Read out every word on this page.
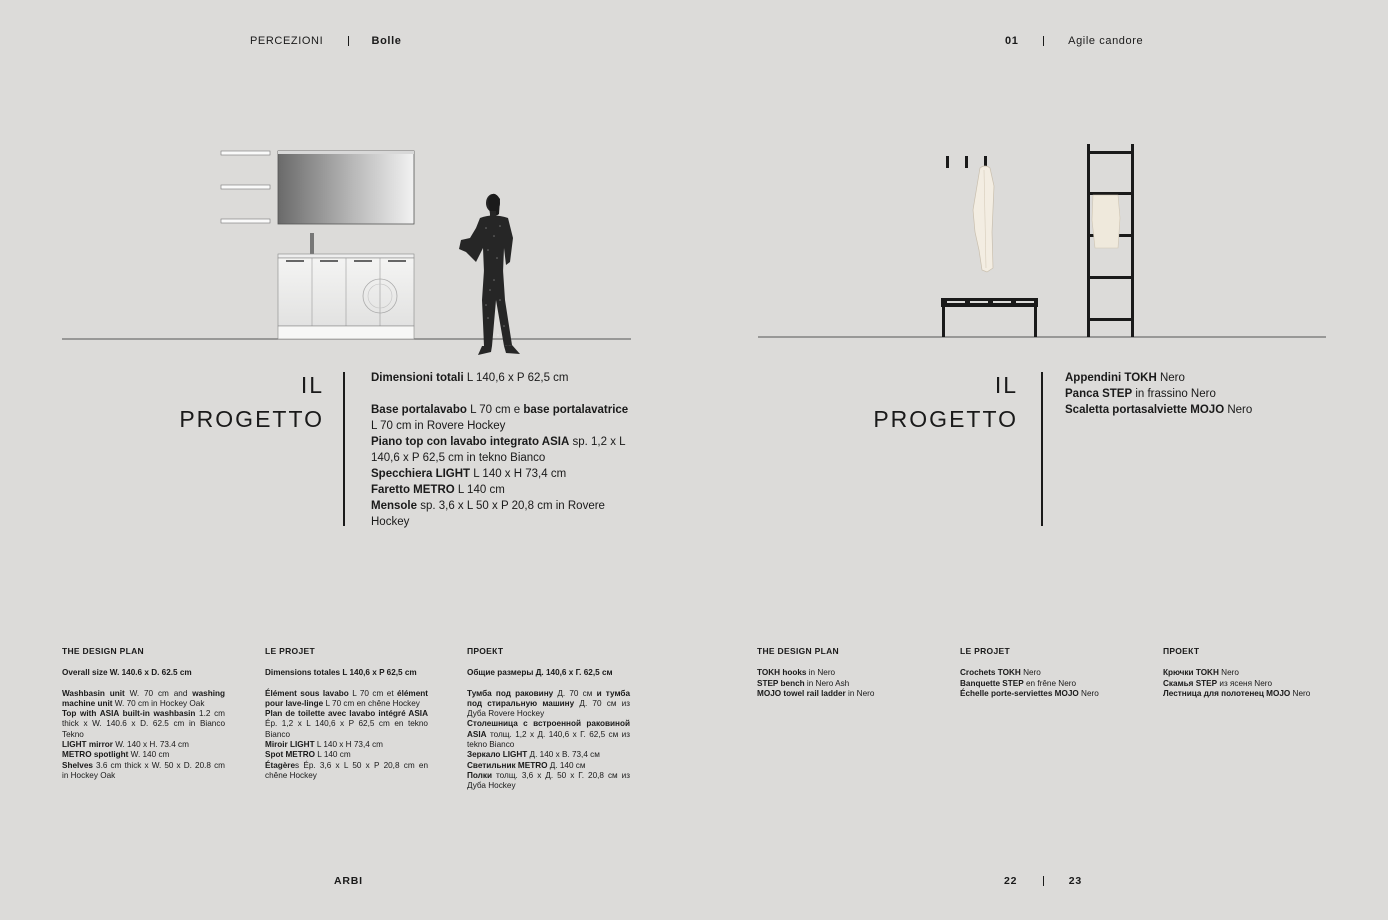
PERCEZIONI	Bolle	01	Agile candore
IL
PROGETTO

Dimensioni totali L 140,6 x P 62,5 cm

Base portalavabo L 70 cm e base portalavatrice L 70 cm in Rovere Hockey

Piano top con lavabo integrato ASIA sp. 1,2 x L 140,6 x P 62,5 cm in tekno Bianco

Specchiera LIGHT L 140 x H 73,4 cm

Faretto METRO L 140 cm

Mensole sp. 3,6 x L 50 x P 20,8 cm in Rovere Hockey

IL
PROGETTO

Appendini TOKH Nero

Panca STEP in frassino Nero

Scaletta portasalviette MOJO Nero

THE DESIGN PLAN

Overall size W. 140.6 x D. 62.5 cm

Washbasin unit W. 70 cm and washing machine unit W. 70 cm in Hockey Oak

Top with ASIA built-in washbasin 1.2 cm thick x W. 140.6 x D. 62.5 cm in Bianco Tekno

LIGHT mirror W. 140 x H. 73.4 cm

METRO spotlight W. 140 cm

Shelves 3.6 cm thick x W. 50 x D. 20.8 cm in Hockey Oak

LE PROJET

Dimensions totales L 140,6 x P 62,5 cm

Élément sous lavabo L 70 cm et élément pour lave-linge L 70 cm en chêne Hockey

Plan de toilette avec lavabo intégré ASIA Ép. 1,2 x L 140,6 x P 62,5 cm en tekno Bianco

Miroir LIGHT L 140 x H 73,4 cm

Spot METRO L 140 cm

Étagères Ép. 3,6 x L 50 x P 20,8 cm en chêne Hockey

ПРОЕКТ

Общие размеры Д. 140,6 x Г. 62,5 см

Тумба под раковину Д. 70 см и тумба под стиральную машину Д. 70 см из Дуба Rovere Hockey

Столешница с встроенной раковиной ASIA толщ. 1,2 x Д. 140,6 x Г. 62,5 см из tekno Bianco

Зеркало LIGHT Д. 140 x В. 73,4 см

Светильник METRO Д. 140 см

Полки толщ. 3,6 x Д. 50 x Г. 20,8 см из Дуба Hockey

THE DESIGN PLAN

TOKH hooks in Nero

STEP bench in Nero Ash

MOJO towel rail ladder in Nero

LE PROJET

Crochets TOKH Nero

Banquette STEP en frêne Nero

Échelle porte-serviettes MOJO Nero

ПРОЕКТ

Крючки TOKH Nero

Скамья STEP из ясеня Nero

Лестница для полотенец MOJO Nero

ARBI	22	23
